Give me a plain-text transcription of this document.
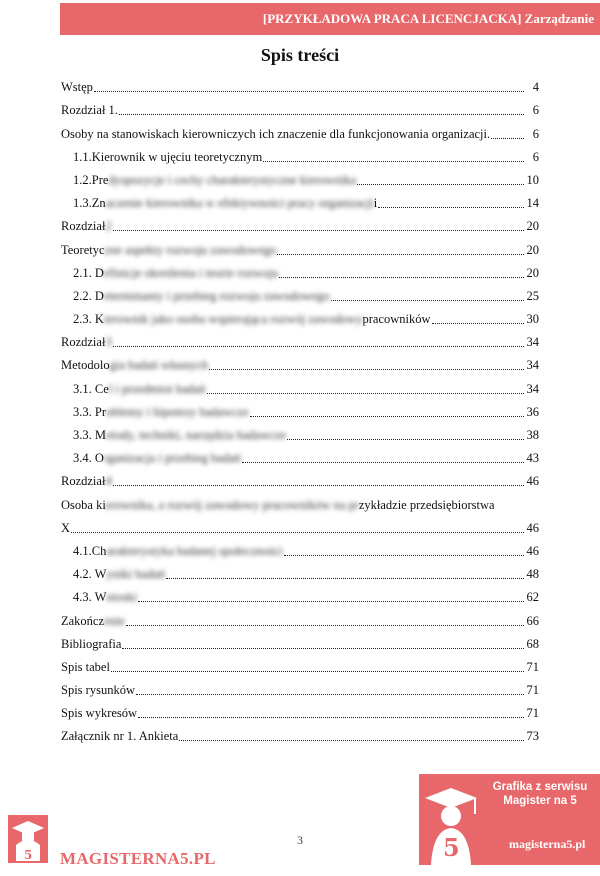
[PRZYKŁADOWA PRACA LICENCJACKA] Zarządzanie
Spis treści
Wstęp	4
Rozdział 1.	6
Osoby na stanowiskach kierowniczych ich znaczenie dla funkcjonowania organizacji.	6
1.1.Kierownik w ujęciu teoretycznym	6
1.2.Pre dyspozycje i cechy charakterystyczne kierownika	10
1.3.Zn aczenie kierownika w efektywności pracy organizacji i	14
Rozdział 2	20
Teoretyc zne aspekty rozwoju zawodowego	20
2.1. D efinicje określenia i teorie rozwoju	20
2.2. D eterminanty i przebieg rozwoju zawodowego	25
2.3. K ierownik jako osoba wspierająca rozwój zawodowy pracowników	30
Rozdział 3	34
Metodolo gia badań własnych	34
3.1. Ce l i przedmiot badań	34
3.3. Pr oblemy i hipotezy badawcze	36
3.3. M etody, techniki, narzędzia badawcze	38
3.4. O rganizacja i przebieg badań	43
Rozdział 4	46
Osoba ki erownika, a rozwój zawodowy pracowników na pr zykładzie przedsiębiorstwa
X	46
4.1.Ch arakterystyka badanej społeczności	46
4.2. W yniki badań	48
4.3. W nioski	62
Zakończ enie	66
Bibliografia	68
Spis tabel	71
Spis rysunków	71
Spis wykresów	71
Załącznik nr 1. Ankieta	73
3
5 MAGISTERNA5.PL	5
Grafika z serwisu
Magister na 5
magisterna5.pl
